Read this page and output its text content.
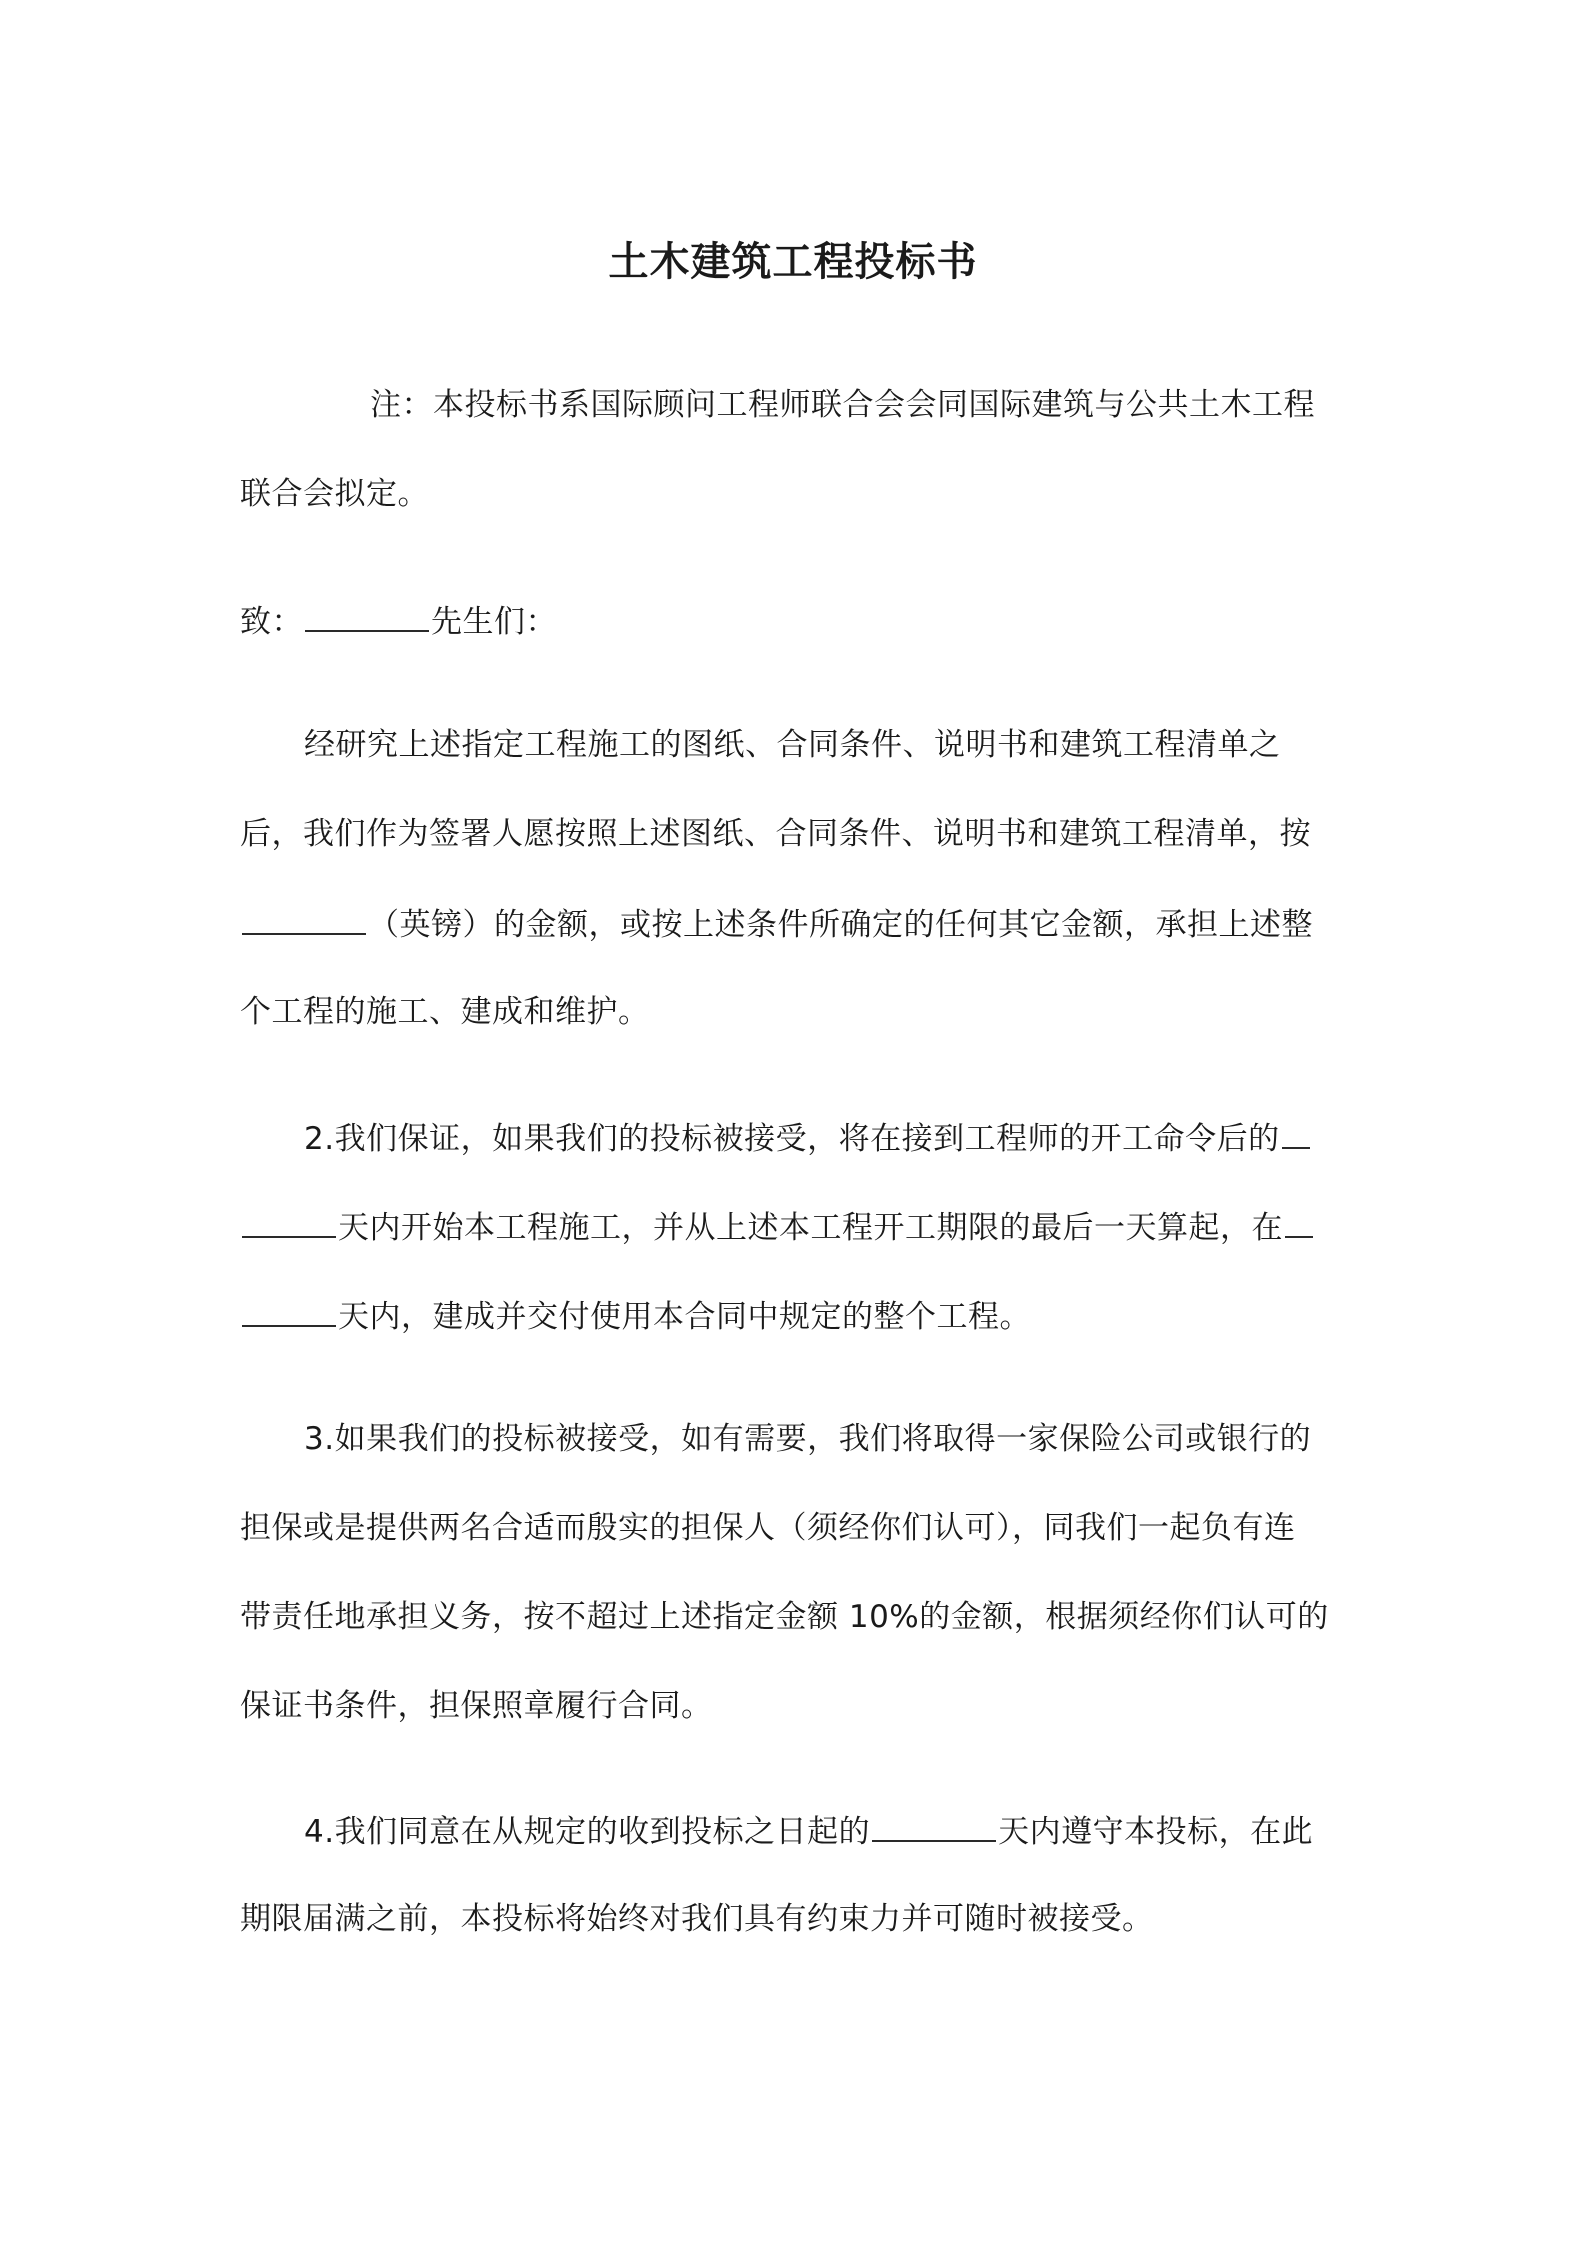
土木建筑工程投标书
注：本投标书系国际顾问工程师联合会会同国际建筑与公共土木工程
联合会拟定。
致：	先生们：
经研究上述指定工程施工的图纸、合同条件、说明书和建筑工程清单之
后，我们作为签署人愿按照上述图纸、合同条件、说明书和建筑工程清单，按
（英镑）的金额，或按上述条件所确定的任何其它金额，承担上述整
个工程的施工、建成和维护。
2.我们保证，如果我们的投标被接受，将在接到工程师的开工命令后的
天内开始本工程施工，并从上述本工程开工期限的最后一天算起，在
天内，建成并交付使用本合同中规定的整个工程。
3.如果我们的投标被接受，如有需要，我们将取得一家保险公司或银行的
担保或是提供两名合适而殷实的担保人（须经你们认可），同我们一起负有连
带责任地承担义务，按不超过上述指定金额 10%的金额，根据须经你们认可的
保证书条件，担保照章履行合同。
4.我们同意在从规定的收到投标之日起的	天内遵守本投标，在此
期限届满之前，本投标将始终对我们具有约束力并可随时被接受。
